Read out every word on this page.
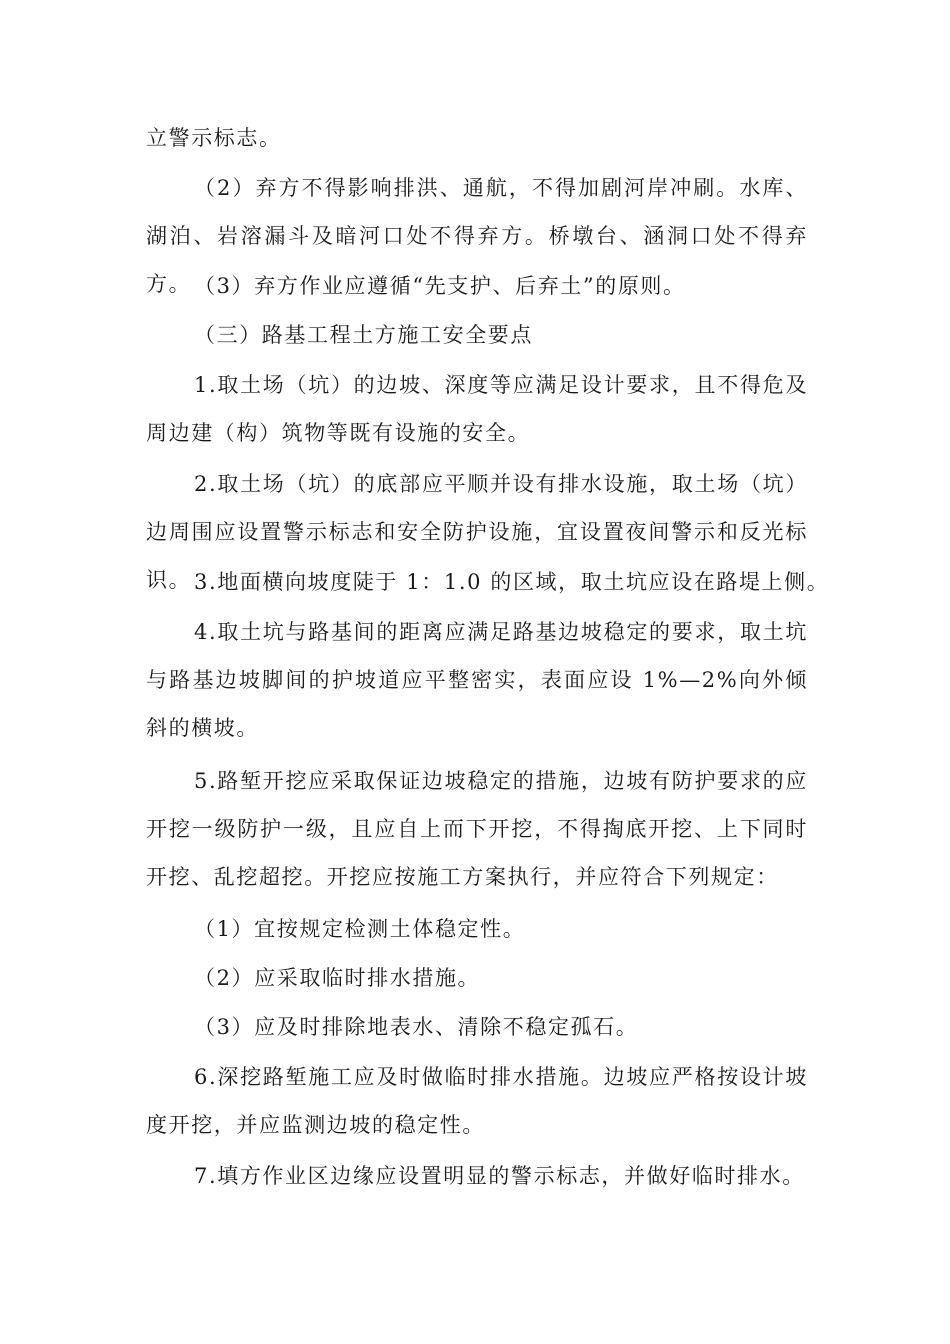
立警示标志。

（2）弃方不得影响排洪、通航，不得加剧河岸冲刷。水库、湖泊、岩溶漏斗及暗河口处不得弃方。桥墩台、涵洞口处不得弃方。 （3）弃方作业应遵循“先支护、后弃土”的原则。

（三）路基工程土方施工安全要点

1.取土场（坑）的边坡、深度等应满足设计要求，且不得危及周边建（构）筑物等既有设施的安全。

2.取土场（坑）的底部应平顺并设有排水设施，取土场（坑）边周围应设置警示标志和安全防护设施，宜设置夜间警示和反光标识。 3.地面横向坡度陡于 1：1.0 的区域，取土坑应设在路堤上侧。

4.取土坑与路基间的距离应满足路基边坡稳定的要求，取土坑与路基边坡脚间的护坡道应平整密实，表面应设 1%—2%向外倾斜的横坡。

5.路堑开挖应采取保证边坡稳定的措施，边坡有防护要求的应开挖一级防护一级，且应自上而下开挖，不得掏底开挖、上下同时开挖、乱挖超挖。开挖应按施工方案执行，并应符合下列规定：

（1）宜按规定检测土体稳定性。

（2）应采取临时排水措施。

（3）应及时排除地表水、清除不稳定孤石。

6.深挖路堑施工应及时做临时排水措施。边坡应严格按设计坡度开挖，并应监测边坡的稳定性。

7.填方作业区边缘应设置明显的警示标志，并做好临时排水。
